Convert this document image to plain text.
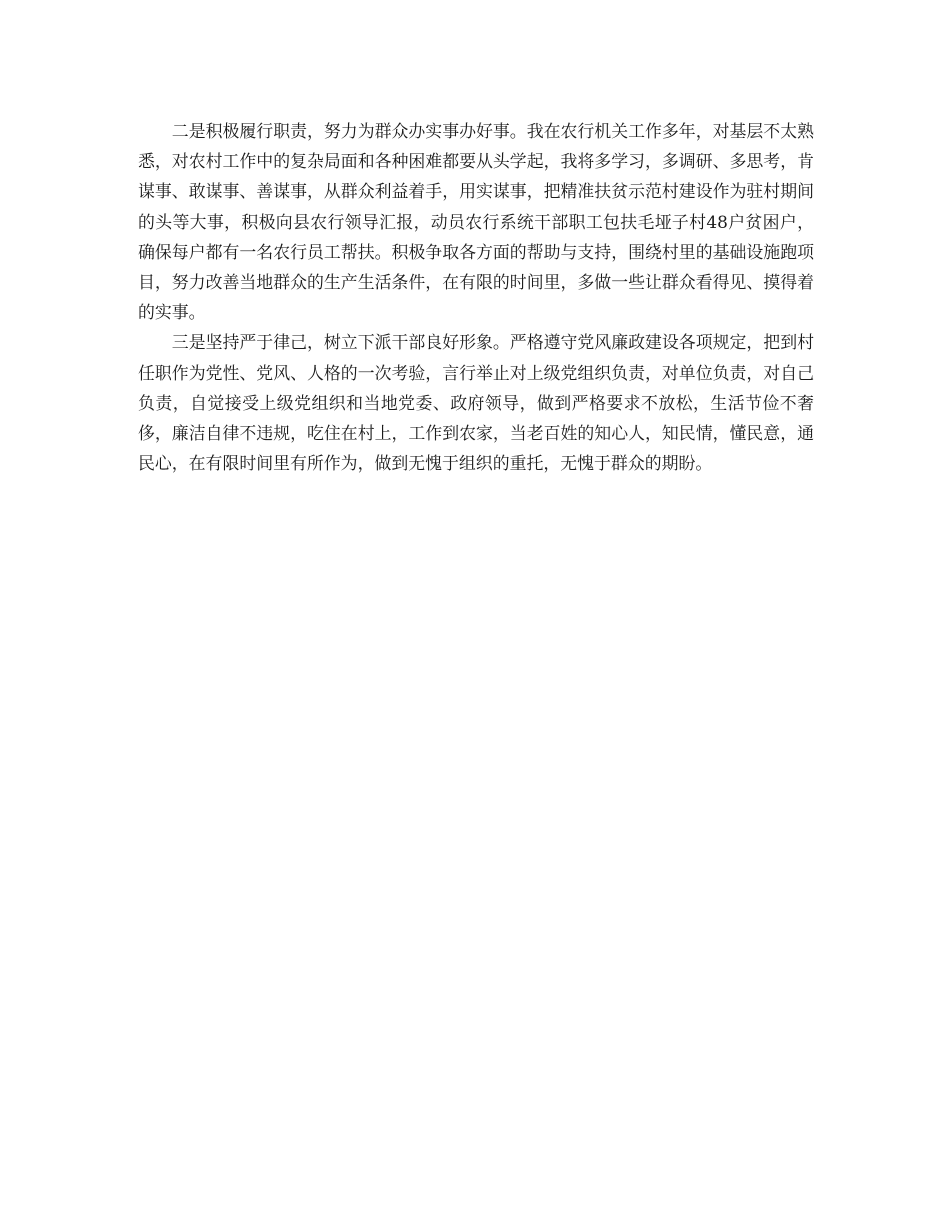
二是积极履行职责，努力为群众办实事办好事。我在农行机关工作多年，对基层不太熟悉，对农村工作中的复杂局面和各种困难都要从头学起，我将多学习，多调研、多思考，肯谋事、敢谋事、善谋事，从群众利益着手，用实谋事，把精准扶贫示范村建设作为驻村期间的头等大事，积极向县农行领导汇报，动员农行系统干部职工包扶毛垭子村48户贫困户，确保每户都有一名农行员工帮扶。积极争取各方面的帮助与支持，围绕村里的基础设施跑项目，努力改善当地群众的生产生活条件，在有限的时间里，多做一些让群众看得见、摸得着的实事。

三是坚持严于律己，树立下派干部良好形象。严格遵守党风廉政建设各项规定，把到村任职作为党性、党风、人格的一次考验，言行举止对上级党组织负责，对单位负责，对自己负责，自觉接受上级党组织和当地党委、政府领导，做到严格要求不放松，生活节俭不奢侈，廉洁自律不违规，吃住在村上，工作到农家，当老百姓的知心人，知民情，懂民意，通民心，在有限时间里有所作为，做到无愧于组织的重托，无愧于群众的期盼。
